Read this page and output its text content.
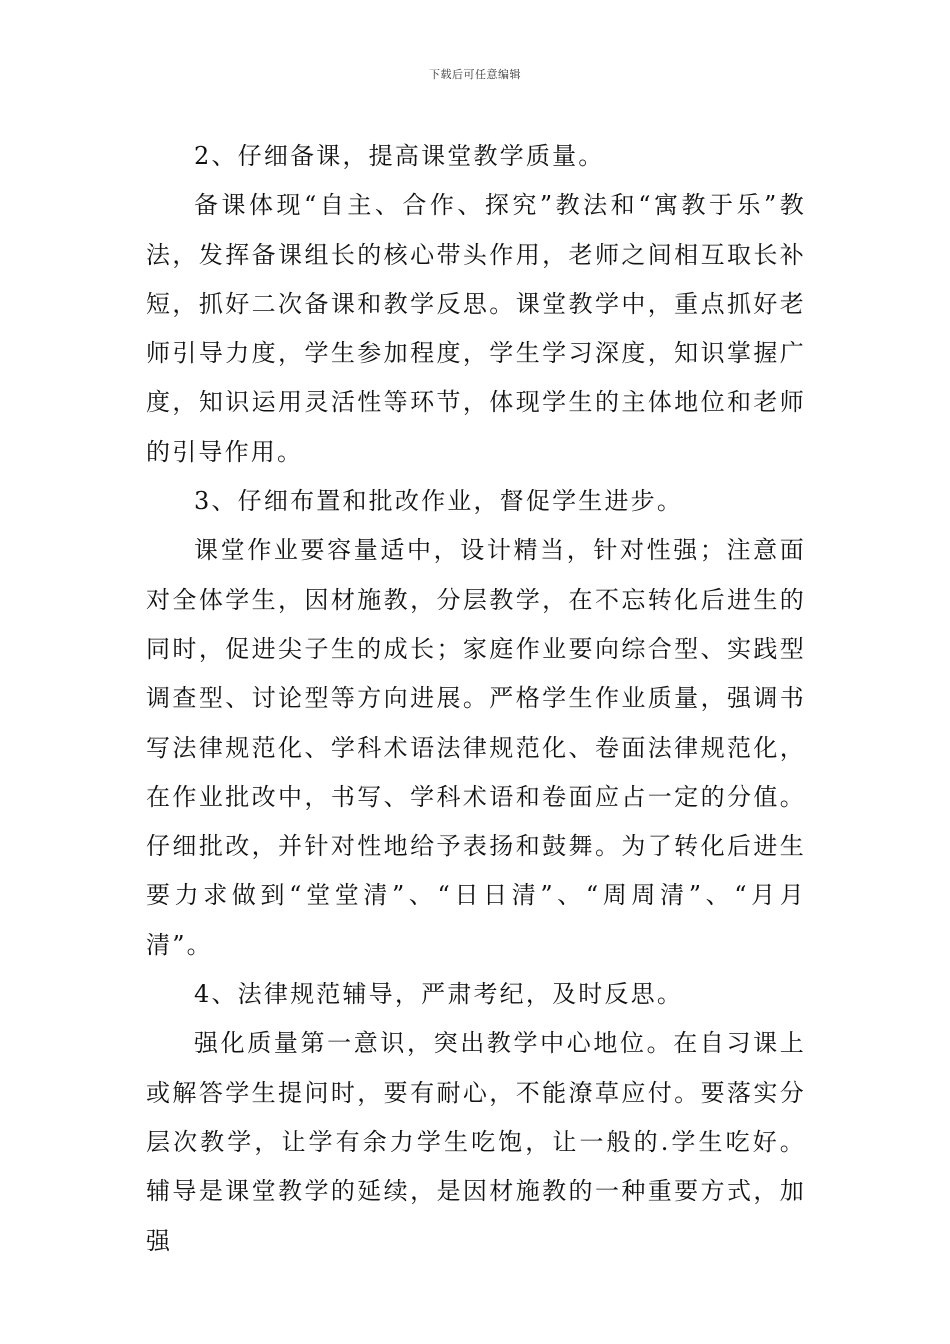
下载后可任意编辑

2、仔细备课，提高课堂教学质量。

备课体现“自主、合作、探究”教法和“寓教于乐”教法，发挥备课组长的核心带头作用，老师之间相互取长补短，抓好二次备课和教学反思。课堂教学中，重点抓好老师引导力度，学生参加程度，学生学习深度，知识掌握广度，知识运用灵活性等环节，体现学生的主体地位和老师的引导作用。

3、仔细布置和批改作业，督促学生进步。

课堂作业要容量适中，设计精当，针对性强；注意面对全体学生，因材施教，分层教学，在不忘转化后进生的同时，促进尖子生的成长；家庭作业要向综合型、实践型调查型、讨论型等方向进展。严格学生作业质量，强调书写法律规范化、学科术语法律规范化、卷面法律规范化，在作业批改中，书写、学科术语和卷面应占一定的分值。仔细批改，并针对性地给予表扬和鼓舞。为了转化后进生要力求做到“堂堂清”、“日日清”、“周周清”、“月月清”。

4、法律规范辅导，严肃考纪，及时反思。

强化质量第一意识，突出教学中心地位。在自习课上或解答学生提问时，要有耐心，不能潦草应付。要落实分层次教学，让学有余力学生吃饱，让一般的.学生吃好。辅导是课堂教学的延续，是因材施教的一种重要方式，加强
